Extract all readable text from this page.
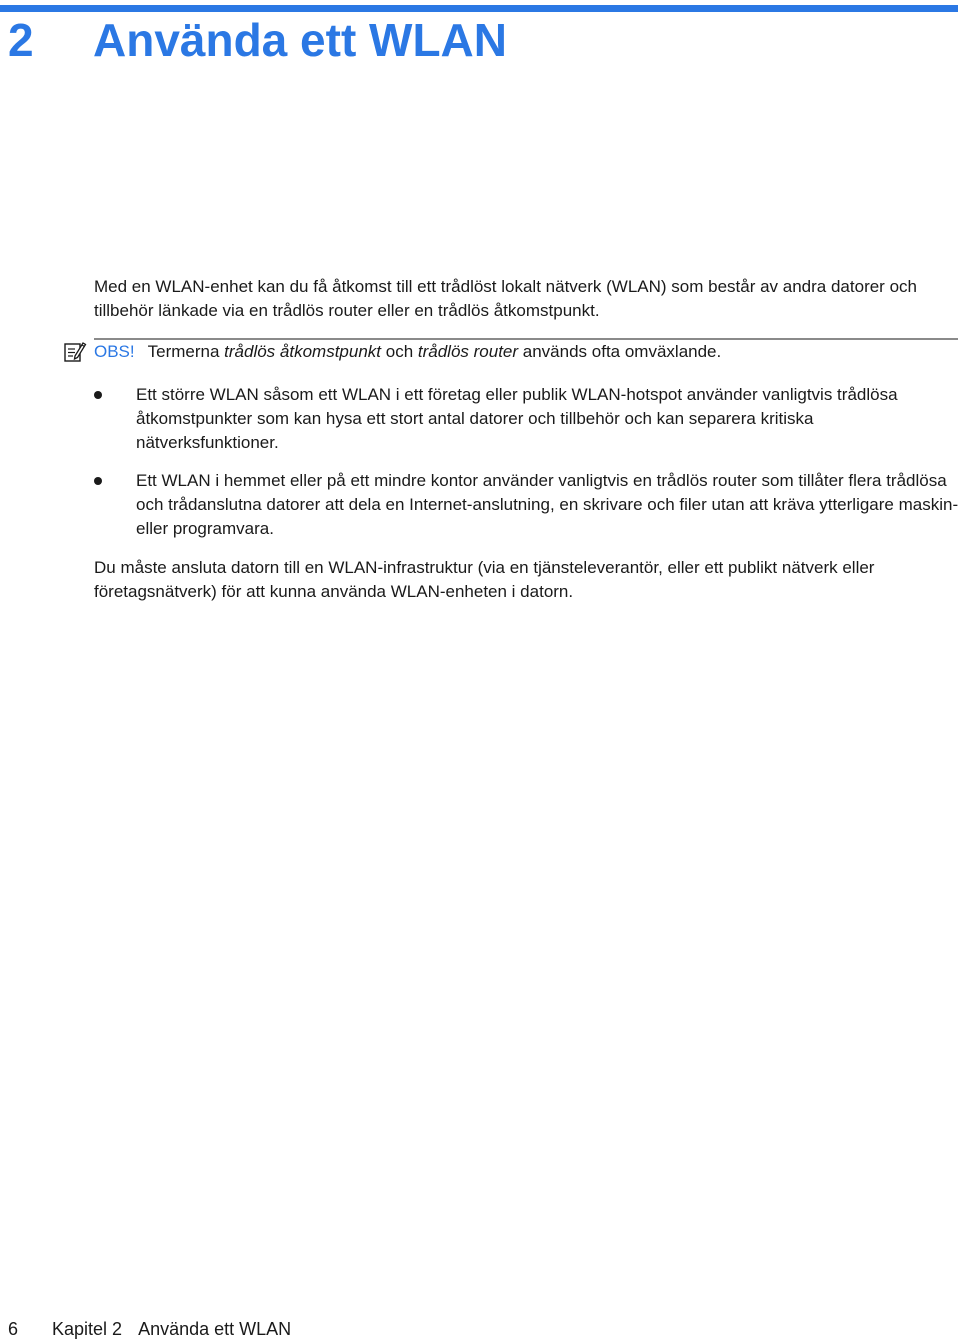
2 Använda ett WLAN

Med en WLAN-enhet kan du få åtkomst till ett trådlöst lokalt nätverk (WLAN) som består av andra datorer och tillbehör länkade via en trådlös router eller en trådlös åtkomstpunkt.

OBS! Termerna trådlös åtkomstpunkt och trådlös router används ofta omväxlande.

Ett större WLAN såsom ett WLAN i ett företag eller publik WLAN-hotspot använder vanligtvis trådlösa åtkomstpunkter som kan hysa ett stort antal datorer och tillbehör och kan separera kritiska nätverksfunktioner.

Ett WLAN i hemmet eller på ett mindre kontor använder vanligtvis en trådlös router som tillåter flera trådlösa och trådanslutna datorer att dela en Internet-anslutning, en skrivare och filer utan att kräva ytterligare maskin- eller programvara.

Du måste ansluta datorn till en WLAN-infrastruktur (via en tjänsteleverantör, eller ett publikt nätverk eller företagsnätverk) för att kunna använda WLAN-enheten i datorn.

6 Kapitel 2 Använda ett WLAN
